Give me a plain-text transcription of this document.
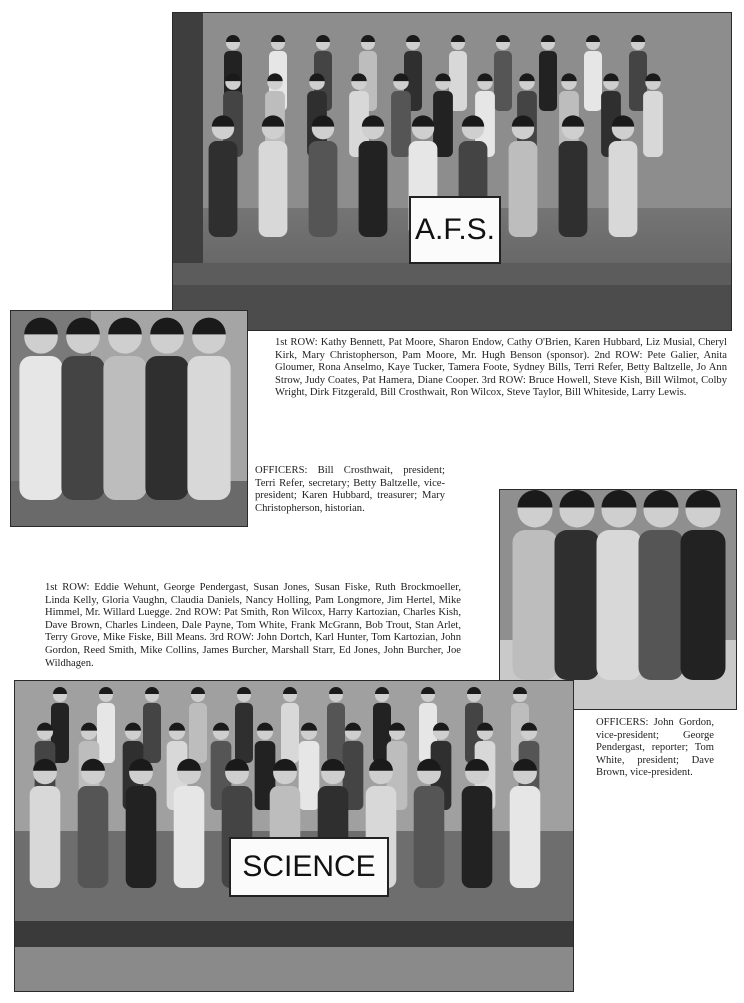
A.F.S.

1st ROW: Kathy Bennett, Pat Moore, Sharon Endow, Cathy O'Brien, Karen Hubbard, Liz Musial, Cheryl Kirk, Mary Christopherson, Pam Moore, Mr. Hugh Benson (sponsor). 2nd ROW: Pete Galier, Anita Gloumer, Rona Anselmo, Kaye Tucker, Tamera Foote, Sydney Bills, Terri Refer, Betty Baltzelle, Jo Ann Strow, Judy Coates, Pat Hamera, Diane Cooper. 3rd ROW: Bruce Howell, Steve Kish, Bill Wilmot, Colby Wright, Dirk Fitzgerald, Bill Crosthwait, Ron Wilcox, Steve Taylor, Bill Whiteside, Larry Lewis.

OFFICERS: Bill Crosthwait, president; Terri Refer, secretary; Betty Baltzelle, vice-president; Karen Hubbard, treasurer; Mary Christopherson, historian.

1st ROW: Eddie Wehunt, George Pendergast, Susan Jones, Susan Fiske, Ruth Brockmoeller, Linda Kelly, Gloria Vaughn, Claudia Daniels, Nancy Holling, Pam Longmore, Jim Hertel, Mike Himmel, Mr. Willard Luegge. 2nd ROW: Pat Smith, Ron Wilcox, Harry Kartozian, Charles Kish, Dave Brown, Charles Lindeen, Dale Payne, Tom White, Frank McGrann, Bob Trout, Stan Arlet, Terry Grove, Mike Fiske, Bill Means. 3rd ROW: John Dortch, Karl Hunter, Tom Kartozian, John Gordon, Reed Smith, Mike Collins, James Burcher, Marshall Starr, Ed Jones, John Burcher, Joe Wildhagen.

OFFICERS: John Gordon, vice-president; George Pendergast, reporter; Tom White, president; Dave Brown, vice-president.

SCIENCE
